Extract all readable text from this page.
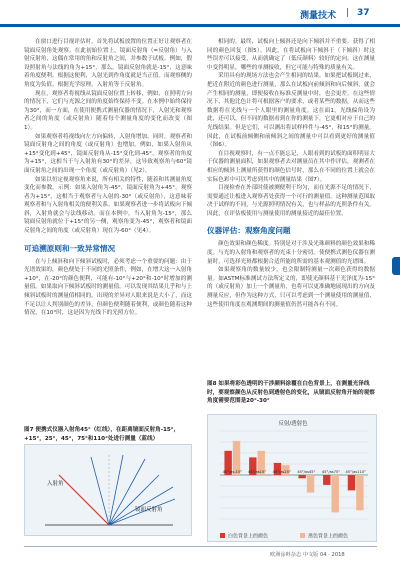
测量技术 | 37

在窗口进行目视评估时，首先将试板放置的位置正好让观察者在镜面反射角处观察。在此初始位置上，镜面反射角（=反射角）与入射反射角，这偶在常用的角和反射角之间，并参数于试板。例如，假设照射角与法线的角为+15°，那么，镜面反射角就是-15°，这意味着角度便利。根据这便利，入射光到作角度就是当正值。而观察侧的角度为负值。根据光学原理，入射角等于反射角。

现在，观察者将视线从镜面反射位置上转移，例如，在照明方向的情况下，它们与光源之间的角度始终保持不变。在本例中始终保持为30°，而一方面，在使用便携式测量仪器的情况下，入射光和观察者之间的角度（或反射角）随着每个测量角度的变化而改变（图1）。

如果观察者将视线向左方向偏转，入射角增加。同时，观察者和镜面反射角之间的角度（或反射角）也增加。例如，如果入射角从+15°变化到+45°，镜面反射角从-15°变化到-45°。观察者的角度为+15°，这相当于与入射角有30°的差异，这导致观察角与60°镜面反射角之间的出现一个角度（或反射角）（见2）。

如果以恒定视观察角来说，所有相关的特性，随着和其测量角度变化而参数。示例：如果入射角为-45°，镜面反射角为+45°。观察者为+15°，这相当于观察者与入射的-30°（或反射角），这意味着观察者和与入射角相关的便利关系。如果观察者进一步将试板向下倾斜，入射角就会与法线移动。而在本例中，当入射角为-15°，那么镜面反射角就位于+15°的另一侧，观察角变为-45°，观察者和镜面反射角之间的角度（或反射角）现在为-60°（见4）。

可追溯原则和一致异常情况

在与上倾斜和向下倾斜试板时，必须考虑一个重要的问题：由于光谱效果的，颜色便处于不同的光照条件，例如，在增大这一入射角+10°，在-20°的颜色便利，可能有-10°与+20°和-10°时增加的测量值。如果取向下倾斜试板时的测量值。可以发现其结果几乎和与上倾斜试板时的测量值相同的。出现的差异对人眼来说是大小了，而这不足以让人判别颜色的差异，但颜色便利随着便利，或颜色随着这种情况，在10°时，这是因为光线下的光照方位。

图7 便携式仪器入射角45°（红线），在距离镜面反射角-15°，+15°，25°，45°，75°和110°处进行测量（蓝线）
入射角
镜面反射角

相同的。最终，试板向上倾斜还是向下倾斜并不重要。获得了相同的颜色回复（图5）。因此，在将试板向下倾斜于（下倾斜）时这些误差可以接受，从而就确定了（低反颜料）较好的定向。这在测量中变得明显，哪些的单测接收，但它可能与特殊的质量有关。

采用具有的现场方法也会产生相同的结果。如果把试板倒过来，把近在附近的颜色进行测量，那么在试板向前倾斜和向后倾斜，就会产生相同的测量，即便接收在标准反测量中时，也会更差。在这些情况下，其他比色计将可根据客户的要求，或者某些的数据，从而这些数据将在光线与一个人眼里的测量角度。这在面1，光线偏角设为此，还可以，但不同的数据看到在你的测量下，它更相对应于自己的光线结果。但是它们，可以测出将试样样件与-45°，和15°的测量。因此，在试板前倾侧和前倾斜之间的测量中可以看到更好的测量值（图6）。

在目视观察时，有一点不能忘记，人眼看到的试板的面积明显大于仪器的测量面积，如果观察者去对测量员在其中作评估，观测者在相应的倾斜上测量所获得的颜色信号时，那么在不同的位置上就会在实际色彩中可以考虑到其中的测量结果（图7）。

目视检查在外部时使被测便利于均匀，而在光源不足的情况下，需要通过让板进入观察者处获得一个可行的测量值。这种测量范围取决于试样的不同，与光源照明情况有关，也与样品的光照条件有关。因此，在评估板使用与测量使用的测量接近的最佳位置。

仪器评估：观察角度问题

颜色效果和颜色稀度。特别是对于涉及光珠颜料的颜色效果和稀度。与光的入射角和观察者的光束十分密切。使便携式测色仪器在测量时，可选择光斑都根据合适所能的所需的基本观测值的光谱图。

如果观察角的数量较少，也会限制特测量一次颜色获得的数据量。如ASTM标准测试方法所定义的，即使光颜料基于光泽度为-15°的（或反射角）加上一个测量角，也将可以更准确地展现出的方向及测量反应，但作为这种方式，只可以考虑到一个测量使用的测量值，这些使用角度在观测期间的测量值仍然可能各有不同。

图8 如果将彩色透明的干涉颜料涂覆在白色背景上，在测量光泽线时，要观察颜色从反射色到透射色的变化，从镜面反射角开始的观察角度需要范围是20°-30°
反射/透射色
45°/as-15° 45°/as15° 45°/as25° 45°/as45° 45°/as75° 45°/as110°
白色背景上的颜色	黑色背景上的颜色
欧洲涂料杂志 中文版 04 · 2018
